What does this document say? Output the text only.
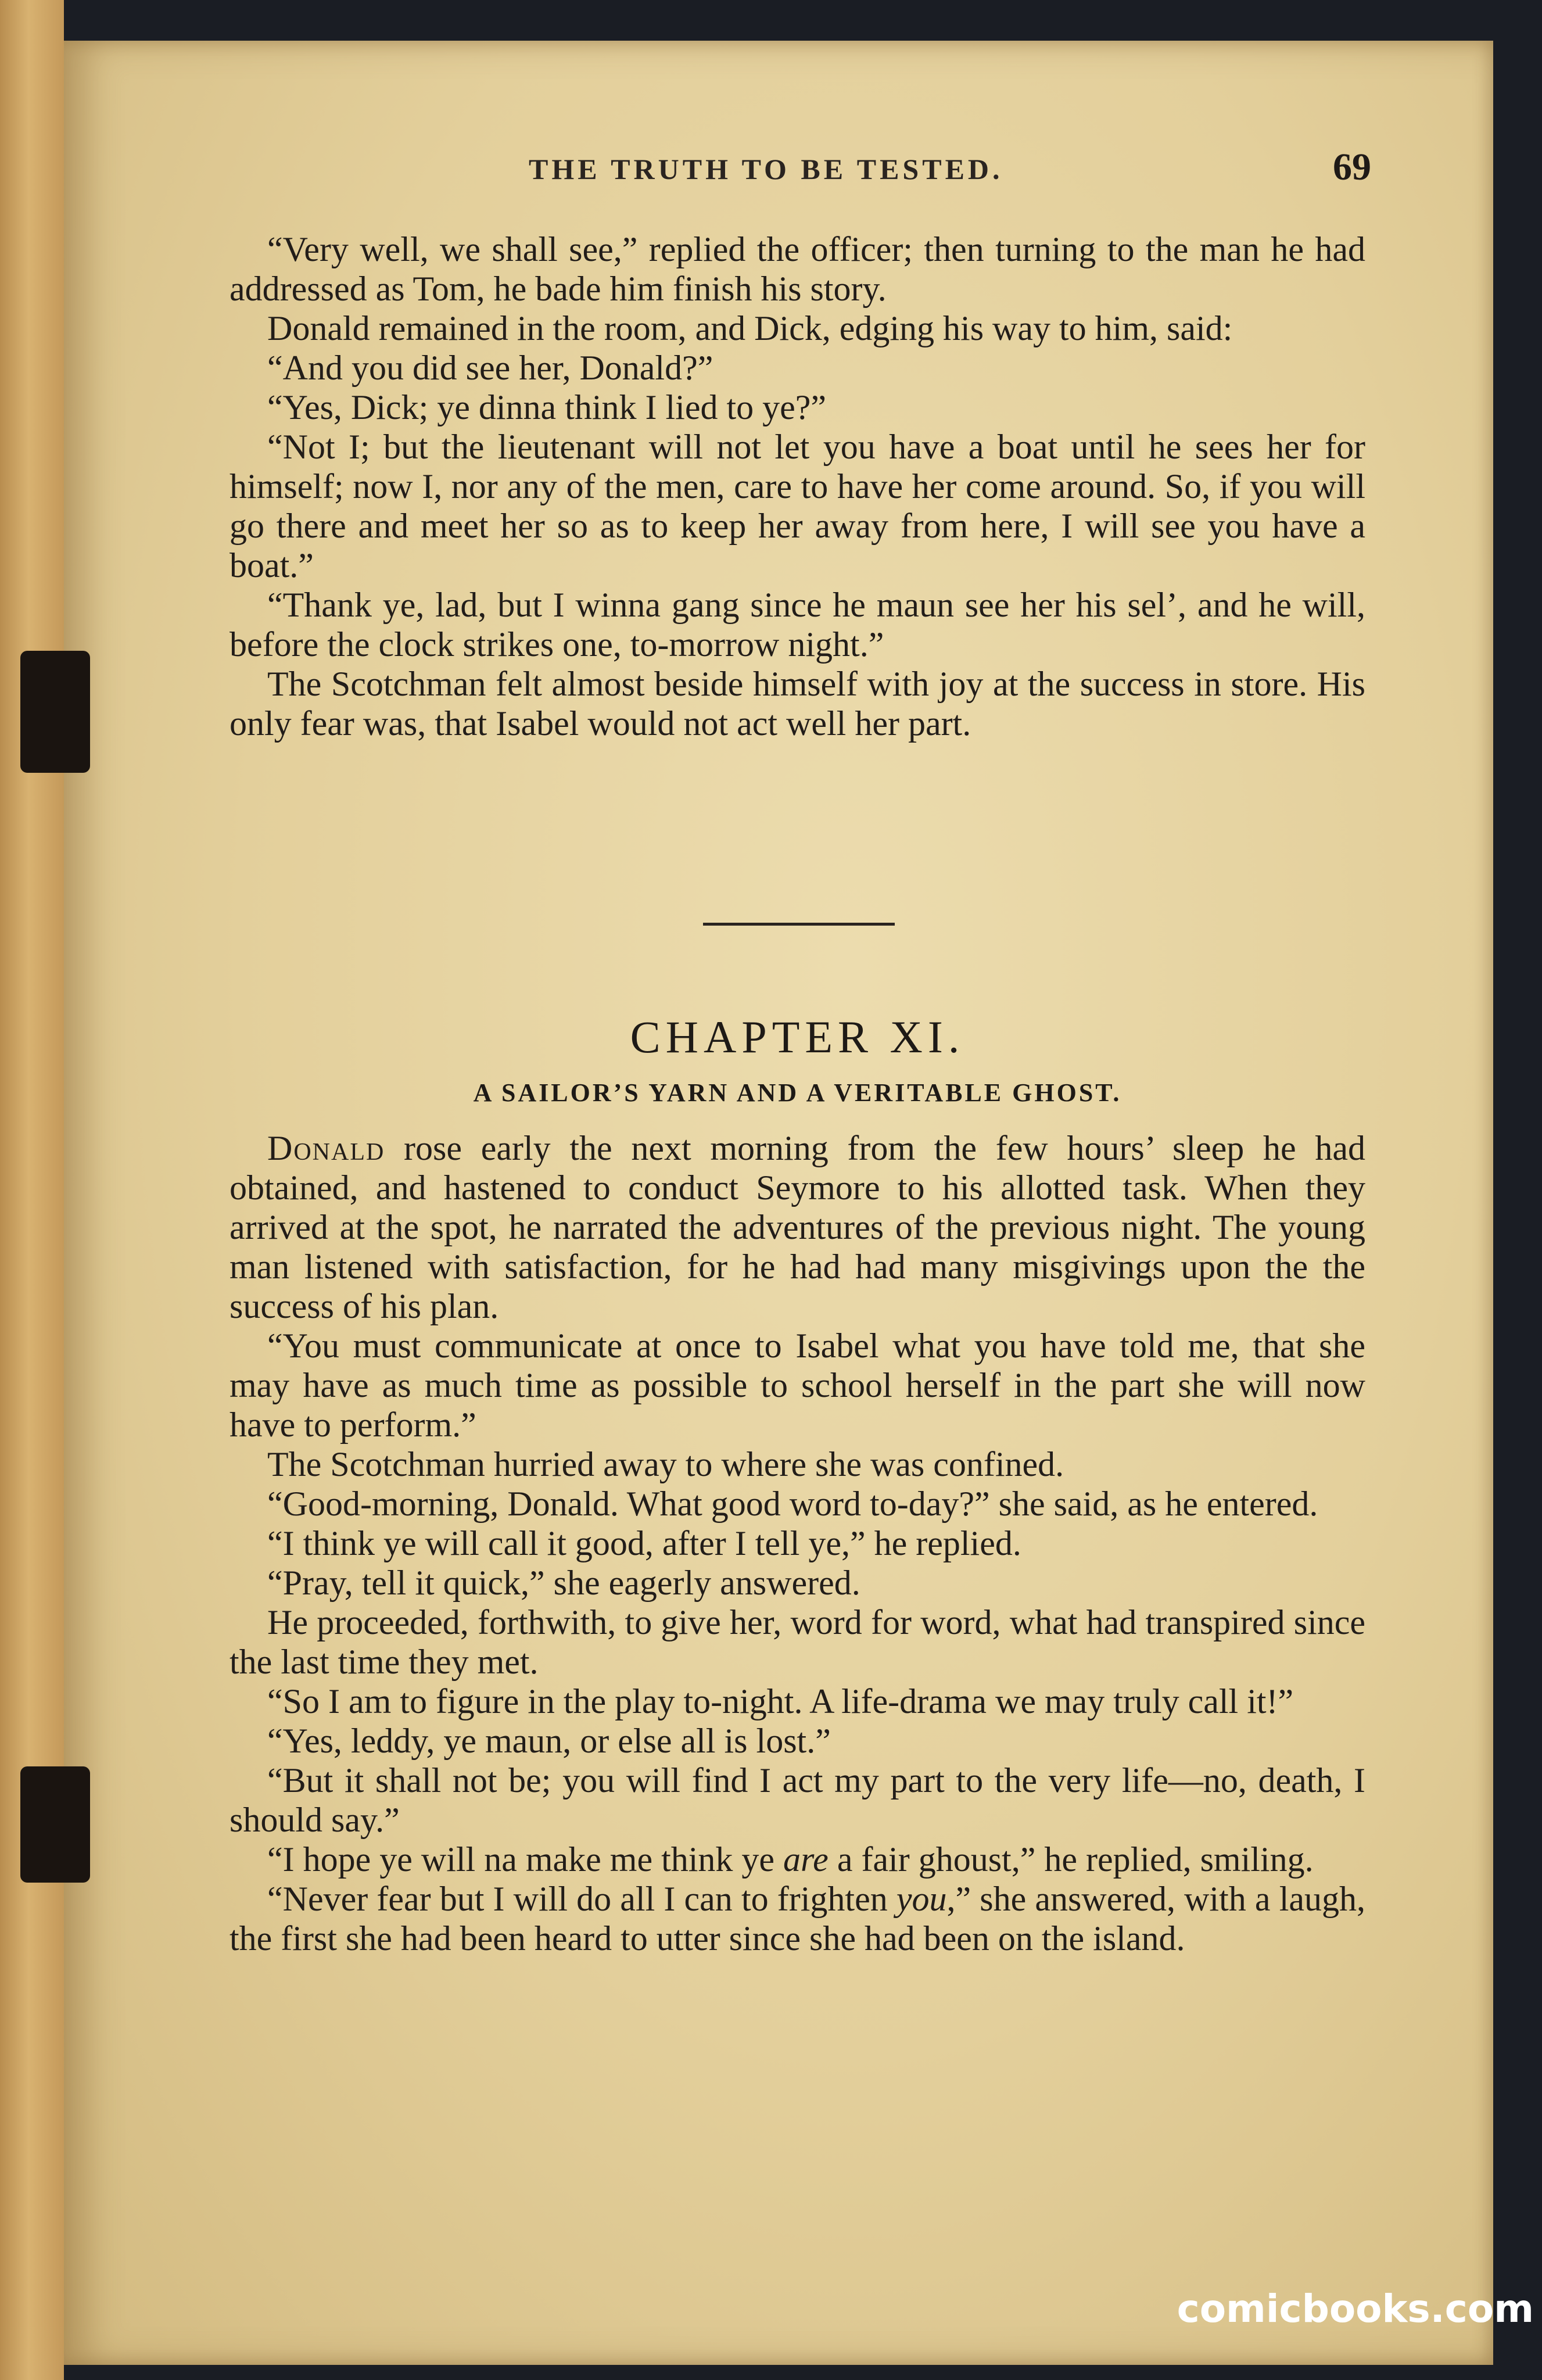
THE TRUTH TO BE TESTED.	69

“Very well, we shall see,” replied the officer; then turning to the man he had addressed as Tom, he bade him finish his story.

Donald remained in the room, and Dick, edging his way to him, said:

“And you did see her, Donald?”

“Yes, Dick; ye dinna think I lied to ye?”

“Not I; but the lieutenant will not let you have a boat until he sees her for himself; now I, nor any of the men, care to have her come around. So, if you will go there and meet her so as to keep her away from here, I will see you have a boat.”

“Thank ye, lad, but I winna gang since he maun see her his sel’, and he will, before the clock strikes one, to-morrow night.”

The Scotchman felt almost beside himself with joy at the success in store. His only fear was, that Isabel would not act well her part.

CHAPTER XI.
A SAILOR’S YARN AND A VERITABLE GHOST.

Donald rose early the next morning from the few hours’ sleep he had obtained, and hastened to conduct Seymore to his allotted task. When they arrived at the spot, he narrated the adventures of the previous night. The young man listened with satisfaction, for he had had many misgivings upon the the success of his plan.

“You must communicate at once to Isabel what you have told me, that she may have as much time as possible to school herself in the part she will now have to perform.”

The Scotchman hurried away to where she was confined.

“Good-morning, Donald. What good word to-day?” she said, as he entered.

“I think ye will call it good, after I tell ye,” he replied.

“Pray, tell it quick,” she eagerly answered.

He proceeded, forthwith, to give her, word for word, what had transpired since the last time they met.

“So I am to figure in the play to-night. A life-drama we may truly call it!”

“Yes, leddy, ye maun, or else all is lost.”

“But it shall not be; you will find I act my part to the very life—no, death, I should say.”

“I hope ye will na make me think ye are a fair ghoust,” he replied, smiling.

“Never fear but I will do all I can to frighten you,” she answered, with a laugh, the first she had been heard to utter since she had been on the island.

comicbooks.com
